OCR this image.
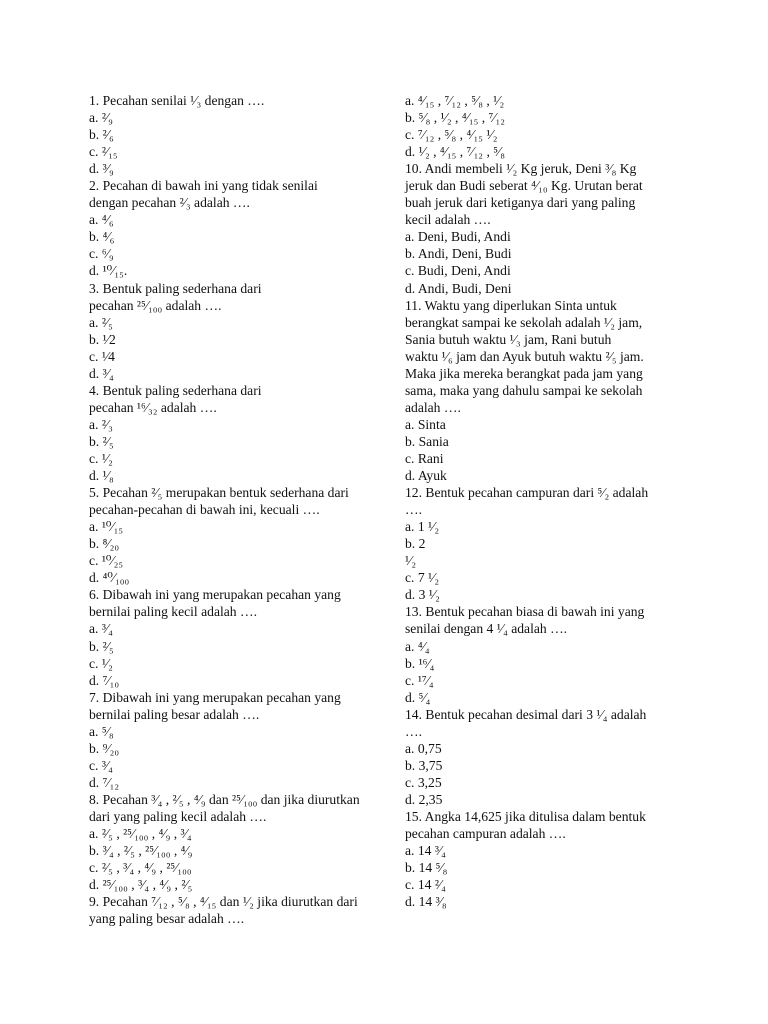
1. Pecahan senilai ¹⁄₃ dengan ….
a. ²⁄₉
b. ²⁄₆
c. ²⁄₁₅
d. ³⁄₉
2. Pecahan di bawah ini yang tidak senilai
dengan pecahan ²⁄₃ adalah ….
a. ⁴⁄₆
b. ⁴⁄₆
c. ⁶⁄₉
d. ¹⁰⁄₁₅.
3. Bentuk paling sederhana dari
pecahan ²⁵⁄₁₀₀ adalah ….
a. ²⁄₅
b. ¹⁄2
c. ¹⁄4
d. ³⁄₄
4. Bentuk paling sederhana dari
pecahan ¹⁶⁄₃₂ adalah ….
a. ²⁄₃
b. ²⁄₅
c. ¹⁄₂
d. ¹⁄₈
5. Pecahan ²⁄₅ merupakan bentuk sederhana dari
pecahan-pecahan di bawah ini, kecuali ….
a. ¹⁰⁄₁₅
b. ⁸⁄₂₀
c. ¹⁰⁄₂₅
d. ⁴⁰⁄₁₀₀
6. Dibawah ini yang merupakan pecahan yang
bernilai paling kecil adalah ….
a. ³⁄₄
b. ²⁄₅
c. ¹⁄₂
d. ⁷⁄₁₀
7. Dibawah ini yang merupakan pecahan yang
bernilai paling besar adalah ….
a. ⁵⁄₈
b. ⁹⁄₂₀
c. ³⁄₄
d. ⁷⁄₁₂
8. Pecahan ³⁄₄ , ²⁄₅ , ⁴⁄₉ dan ²⁵⁄₁₀₀ dan jika diurutkan
dari yang paling kecil adalah ….
a. ²⁄₅ , ²⁵⁄₁₀₀ , ⁴⁄₉ , ³⁄₄
b. ³⁄₄ , ²⁄₅ , ²⁵⁄₁₀₀ , ⁴⁄₉
c. ²⁄₅ , ³⁄₄ , ⁴⁄₉ , ²⁵⁄₁₀₀
d. ²⁵⁄₁₀₀ , ³⁄₄ , ⁴⁄₉ , ²⁄₅
9. Pecahan ⁷⁄₁₂ , ⁵⁄₈ , ⁴⁄₁₅ dan ¹⁄₂ jika diurutkan dari
yang paling besar adalah ….
a. ⁴⁄₁₅ , ⁷⁄₁₂ , ⁵⁄₈ , ¹⁄₂
b. ⁵⁄₈ , ¹⁄₂ , ⁴⁄₁₅ , ⁷⁄₁₂
c. ⁷⁄₁₂ , ⁵⁄₈ , ⁴⁄₁₅ ¹⁄₂
d. ¹⁄₂ , ⁴⁄₁₅ , ⁷⁄₁₂ , ⁵⁄₈
10. Andi membeli ¹⁄₂ Kg jeruk, Deni ³⁄₈ Kg
jeruk dan Budi seberat ⁴⁄₁₀ Kg. Urutan berat
buah jeruk dari ketiganya dari yang paling
kecil adalah ….
a. Deni, Budi, Andi
b. Andi, Deni, Budi
c. Budi, Deni, Andi
d. Andi, Budi, Deni
11. Waktu yang diperlukan Sinta untuk
berangkat sampai ke sekolah adalah ¹⁄₂ jam,
Sania butuh waktu ¹⁄₃ jam, Rani butuh
waktu ¹⁄₆ jam dan Ayuk butuh waktu ²⁄₅ jam.
Maka jika mereka berangkat pada jam yang
sama, maka yang dahulu sampai ke sekolah
adalah ….
a. Sinta
b. Sania
c. Rani
d. Ayuk
12. Bentuk pecahan campuran dari ⁵⁄₂ adalah
….
a. 1 ¹⁄₂
b. 2
¹⁄₂
c. 7 ¹⁄₂
d. 3 ¹⁄₂
13. Bentuk pecahan biasa di bawah ini yang
senilai dengan 4 ¹⁄₄ adalah ….
a. ⁴⁄₄
b. ¹⁶⁄₄
c. ¹⁷⁄₄
d. ⁵⁄₄
14. Bentuk pecahan desimal dari 3 ¹⁄₄ adalah
….
a. 0,75
b. 3,75
c. 3,25
d. 2,35
15. Angka 14,625 jika ditulisa dalam bentuk
pecahan campuran adalah ….
a. 14 ³⁄₄
b. 14 ⁵⁄₈
c. 14 ²⁄₄
d. 14 ³⁄₈
